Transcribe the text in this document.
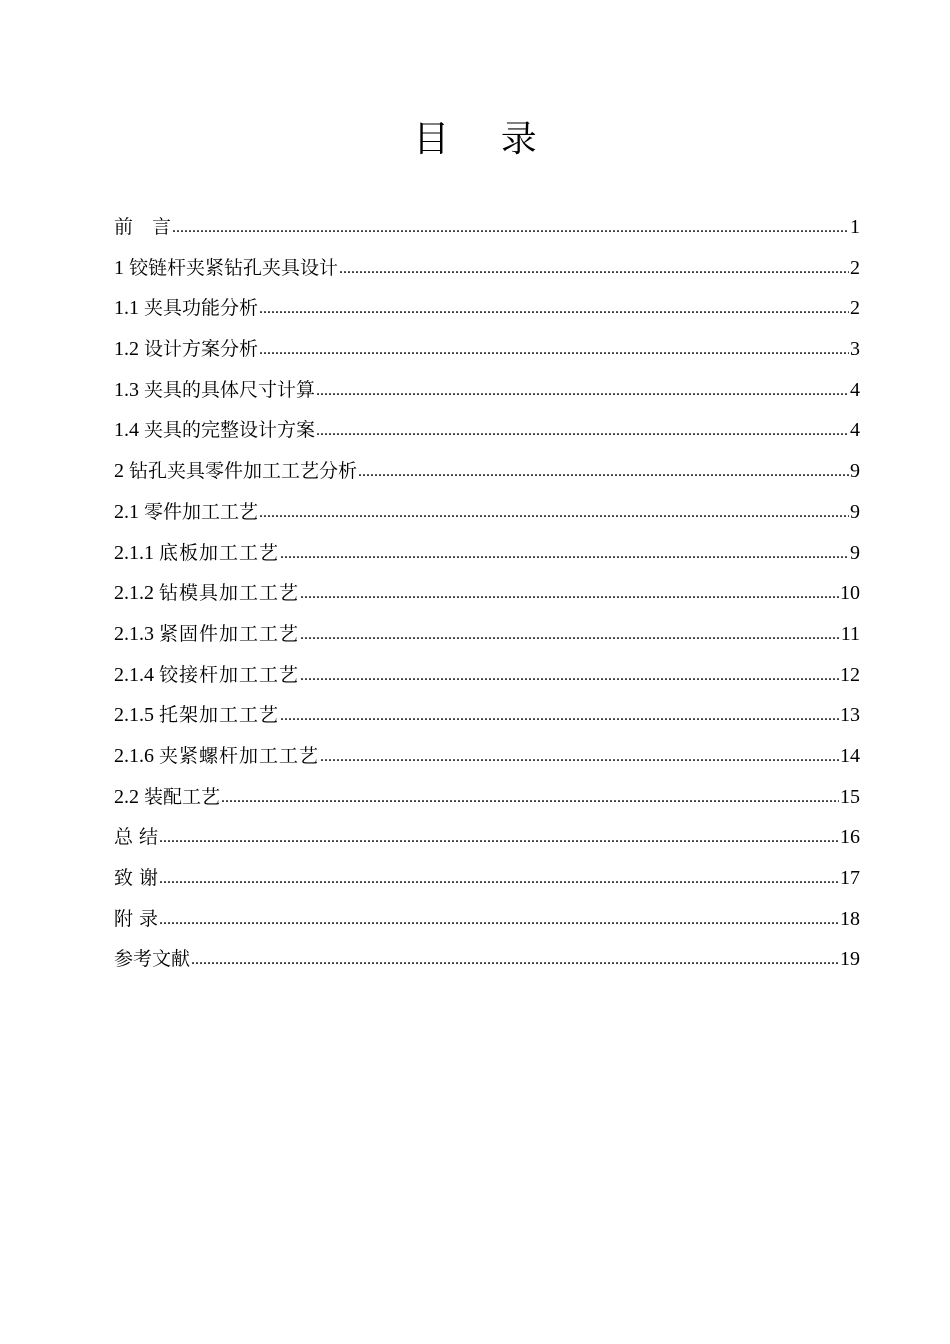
目 录
前　言 .....	1
1 铰链杆夹紧钻孔夹具设计 .....	2
1.1 夹具功能分析 .....	2
1.2 设计方案分析 .....	3
1.3 夹具的具体尺寸计算 .....	4
1.4 夹具的完整设计方案 .....	4
2 钻孔夹具零件加工工艺分析 .....	9
2.1 零件加工工艺 .....	9
2.1.1 底板加工工艺 .....	9
2.1.2 钻模具加工工艺 .....	10
2.1.3 紧固件加工工艺 .....	11
2.1.4 铰接杆加工工艺 .....	12
2.1.5 托架加工工艺 .....	13
2.1.6 夹紧螺杆加工工艺 .....	14
2.2 装配工艺 .....	15
总 结 .....	16
致 谢 .....	17
附 录 .....	18
参考文献 .....	19
